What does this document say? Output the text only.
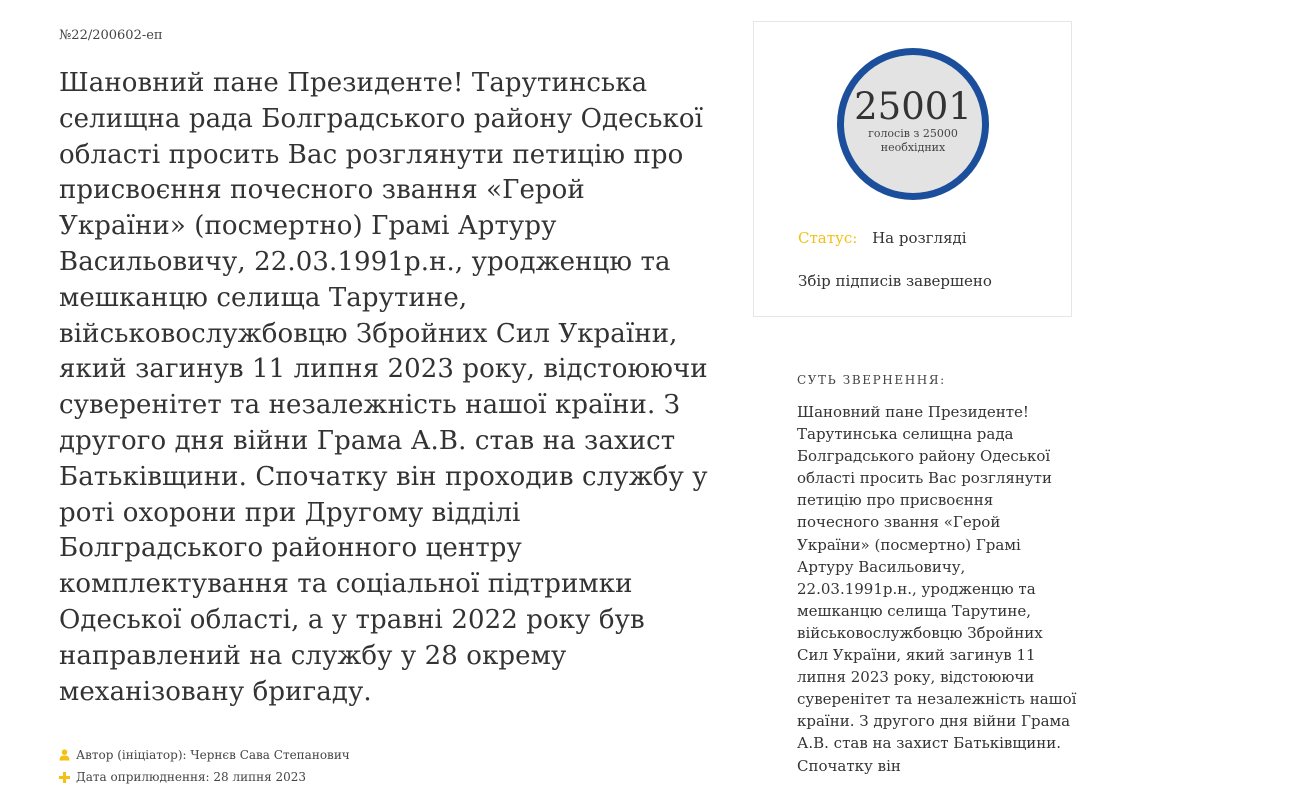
№22/200602-еп

Шановний пане Президенте! Тарутинська селищна рада Болградського району Одеської області просить Вас розглянути петицію про присвоєння почесного звання «Герой України» (посмертно) Грамі Артуру Васильовичу, 22.03.1991р.н., уродженцю та мешканцю селища Тарутине, військовослужбовцю Збройних Сил України, який загинув 11 липня 2023 року, відстоюючи суверенітет та незалежність нашої країни. З другого дня війни Грама А.В. став на захист Батьківщини. Спочатку він проходив службу у роті охорони при Другому відділі Болградського районного центру комплектування та соціальної підтримки Одеської області, а у травні 2022 року був направлений на службу у 28 окрему механізовану бригаду.

Автор (ініціатор): Чернєв Сава Степанович
Дата оприлюднення: 28 липня 2023
25001
голосів з 25000 необхідних
Статус: На розгляді
Збір підписів завершено
СУТЬ ЗВЕРНЕННЯ:
Шановний пане Президенте! Тарутинська селищна рада Болградського району Одеської області просить Вас розглянути петицію про присвоєння почесного звання «Герой України» (посмертно) Грамі Артуру Васильовичу, 22.03.1991р.н., уродженцю та мешканцю селища Тарутине, військовослужбовцю Збройних Сил України, який загинув 11 липня 2023 року, відстоюючи суверенітет та незалежність нашої країни. З другого дня війни Грама А.В. став на захист Батьківщини. Спочатку він
